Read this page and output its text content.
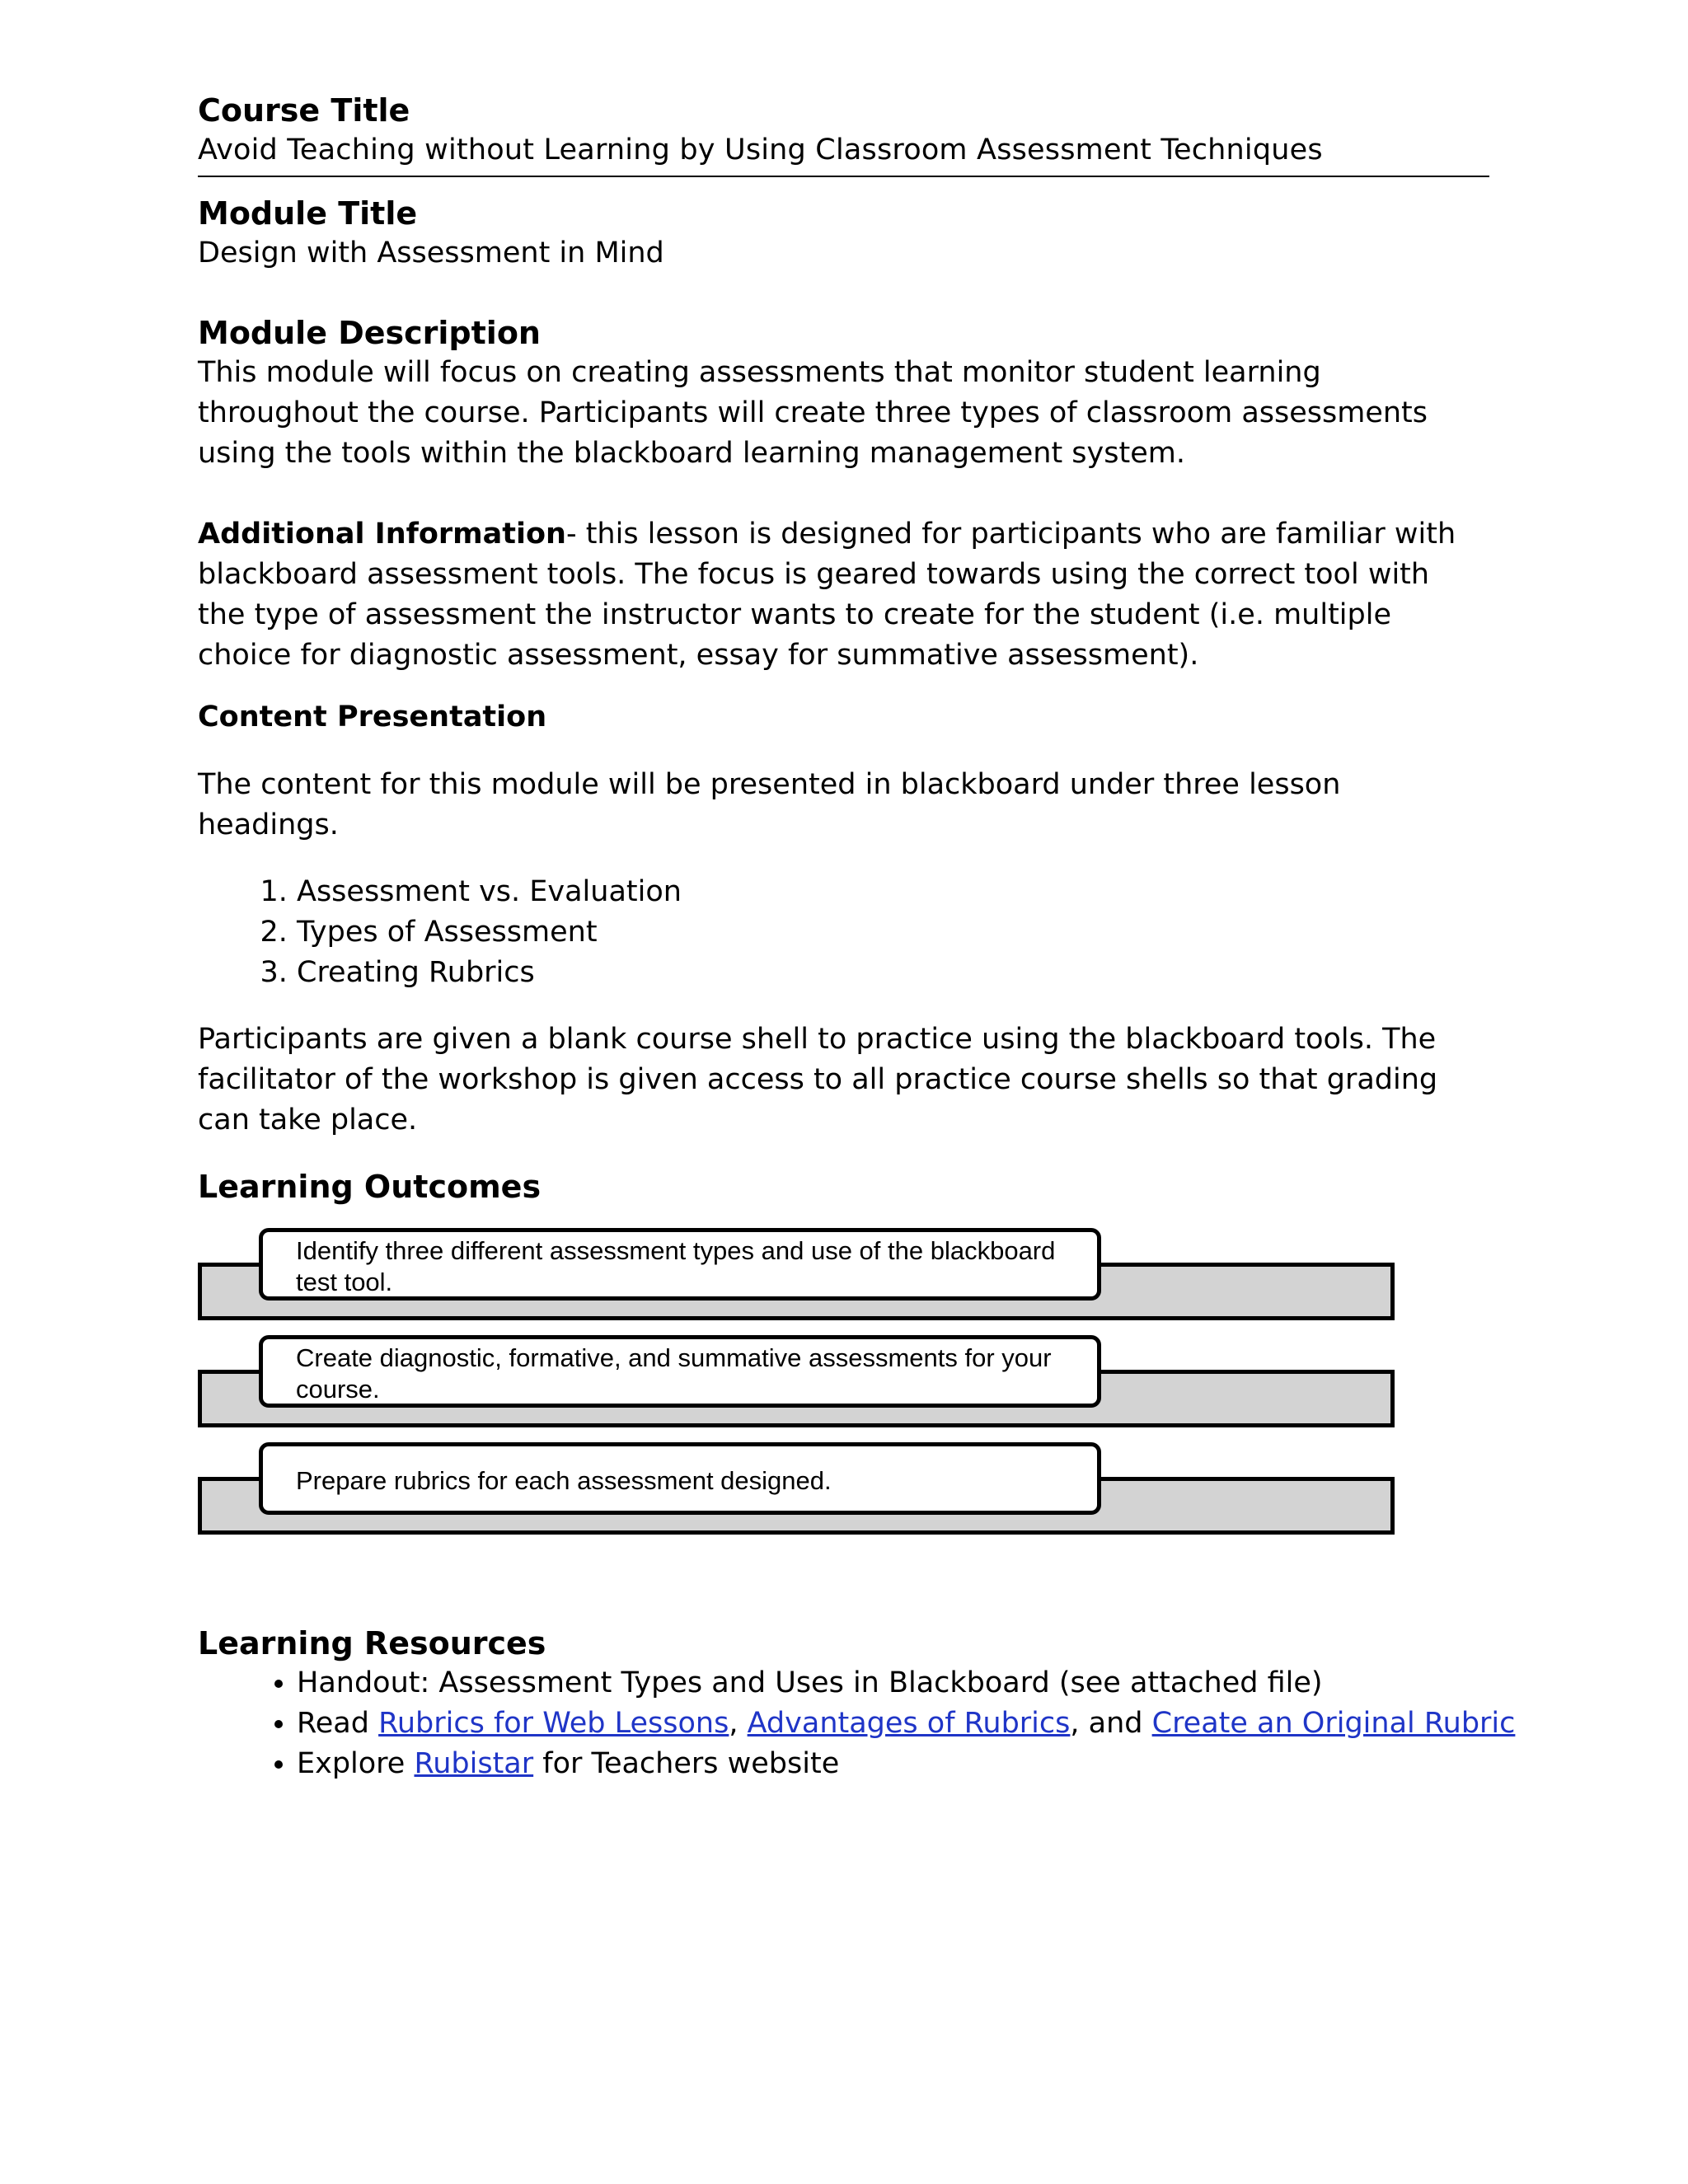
Course Title

Avoid Teaching without Learning by Using Classroom Assessment Techniques

Module Title

Design with Assessment in Mind

Module Description

This module will focus on creating assessments that monitor student learning throughout the course. Participants will create three types of classroom assessments using the tools within the blackboard learning management system.

Additional Information- this lesson is designed for participants who are familiar with blackboard assessment tools. The focus is geared towards using the correct tool with the type of assessment the instructor wants to create for the student (i.e. multiple choice for diagnostic assessment, essay for summative assessment).

Content Presentation

The content for this module will be presented in blackboard under three lesson headings.

1. Assessment vs. Evaluation
2. Types of Assessment
3. Creating Rubrics

Participants are given a blank course shell to practice using the blackboard tools. The facilitator of the workshop is given access to all practice course shells so that grading can take place.

Learning Outcomes

Identify three different assessment types and use of the blackboard test tool.
Create diagnostic, formative, and summative assessments for your course.
Prepare rubrics for each assessment designed.

Learning Resources

• Handout: Assessment Types and Uses in Blackboard (see attached file)
• Read Rubrics for Web Lessons, Advantages of Rubrics, and Create an Original Rubric
• Explore Rubistar for Teachers website
